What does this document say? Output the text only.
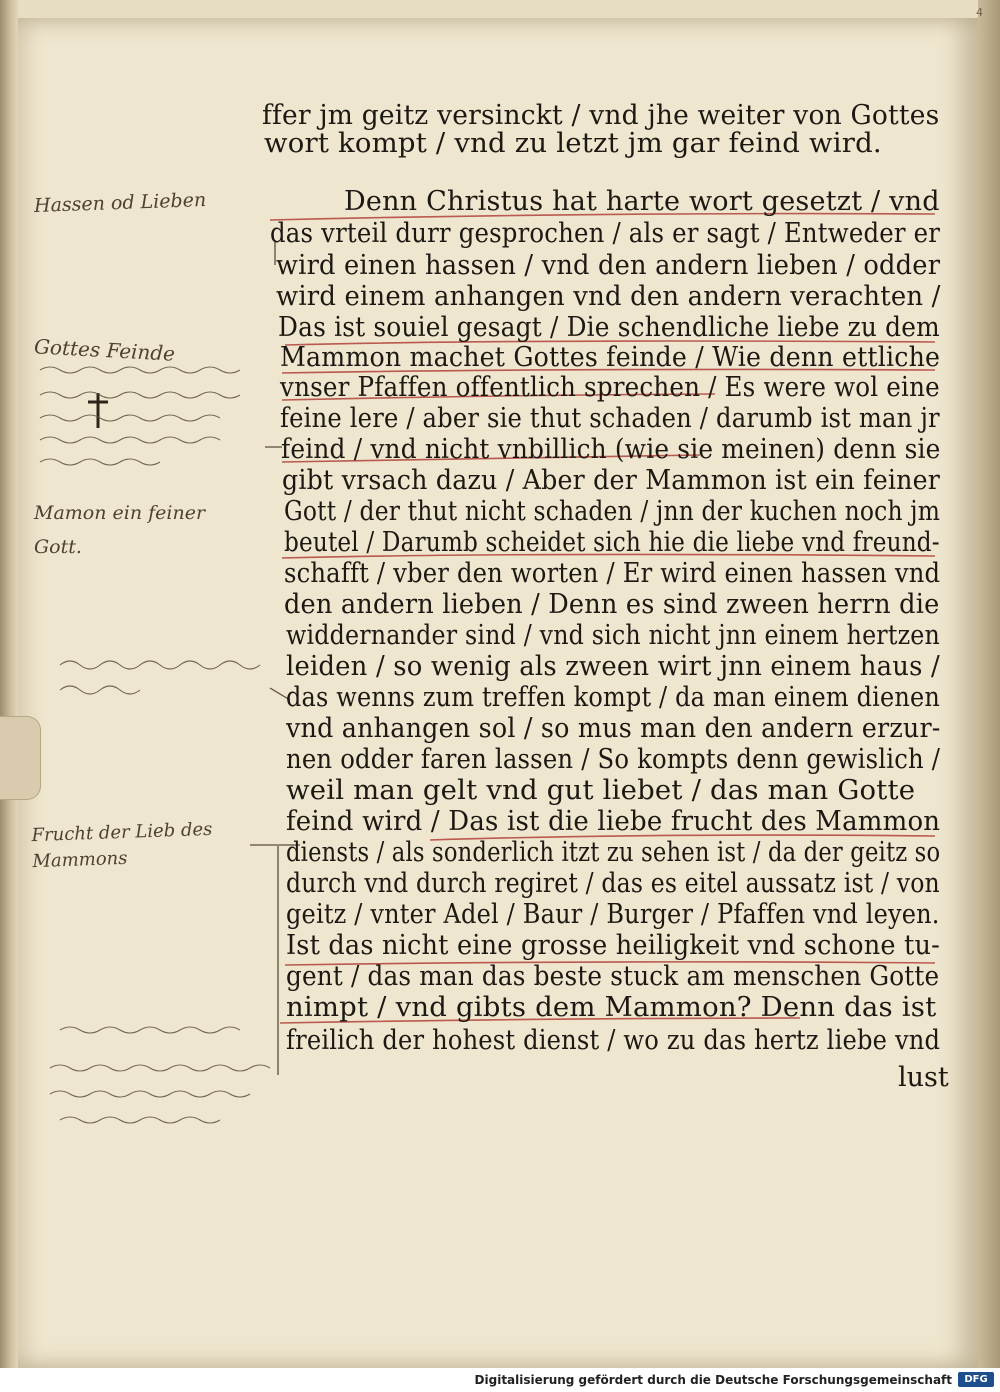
4
ffer jm geitz versinckt / vnd jhe weiter von Gottes
wort kompt / vnd zu letzt jm gar feind wird.
Denn Christus hat harte wort gesetzt / vnd
das vrteil durr gesprochen / als er sagt / Entweder er
wird einen hassen / vnd den andern lieben / odder
wird einem anhangen vnd den andern verachten /
Das ist souiel gesagt / Die schendliche liebe zu dem
Mammon machet Gottes feinde / Wie denn ettliche
vnser Pfaffen offentlich sprechen / Es were wol eine
feine lere / aber sie thut schaden / darumb ist man jr
feind / vnd nicht vnbillich (wie sie meinen) denn sie
gibt vrsach dazu / Aber der Mammon ist ein feiner
Gott / der thut nicht schaden / jnn der kuchen noch jm
beutel / Darumb scheidet sich hie die liebe vnd freund-
schafft / vber den worten / Er wird einen hassen vnd
den andern lieben / Denn es sind zween herrn die
widdernander sind / vnd sich nicht jnn einem hertzen
leiden / so wenig als zween wirt jnn einem haus /
das wenns zum treffen kompt / da man einem dienen
vnd anhangen sol / so mus man den andern erzur-
nen odder faren lassen / So kompts denn gewislich /
weil man gelt vnd gut liebet / das man Gotte
feind wird / Das ist die liebe frucht des Mammon
diensts / als sonderlich itzt zu sehen ist / da der geitz so
durch vnd durch regiret / das es eitel aussatz ist / von
geitz / vnter Adel / Baur / Burger / Pfaffen vnd leyen.
Ist das nicht eine grosse heiligkeit vnd schone tu-
gent / das man das beste stuck am menschen Gotte
nimpt / vnd gibts dem Mammon? Denn das ist
freilich der hohest dienst / wo zu das hertz liebe vnd
lust
Hassen od Lieben
Gottes Feinde
Mamon ein feiner
Gott.
Frucht der Lieb des
Mammons
Digitalisierung gefördert durch die Deutsche Forschungsgemeinschaft	DFG
